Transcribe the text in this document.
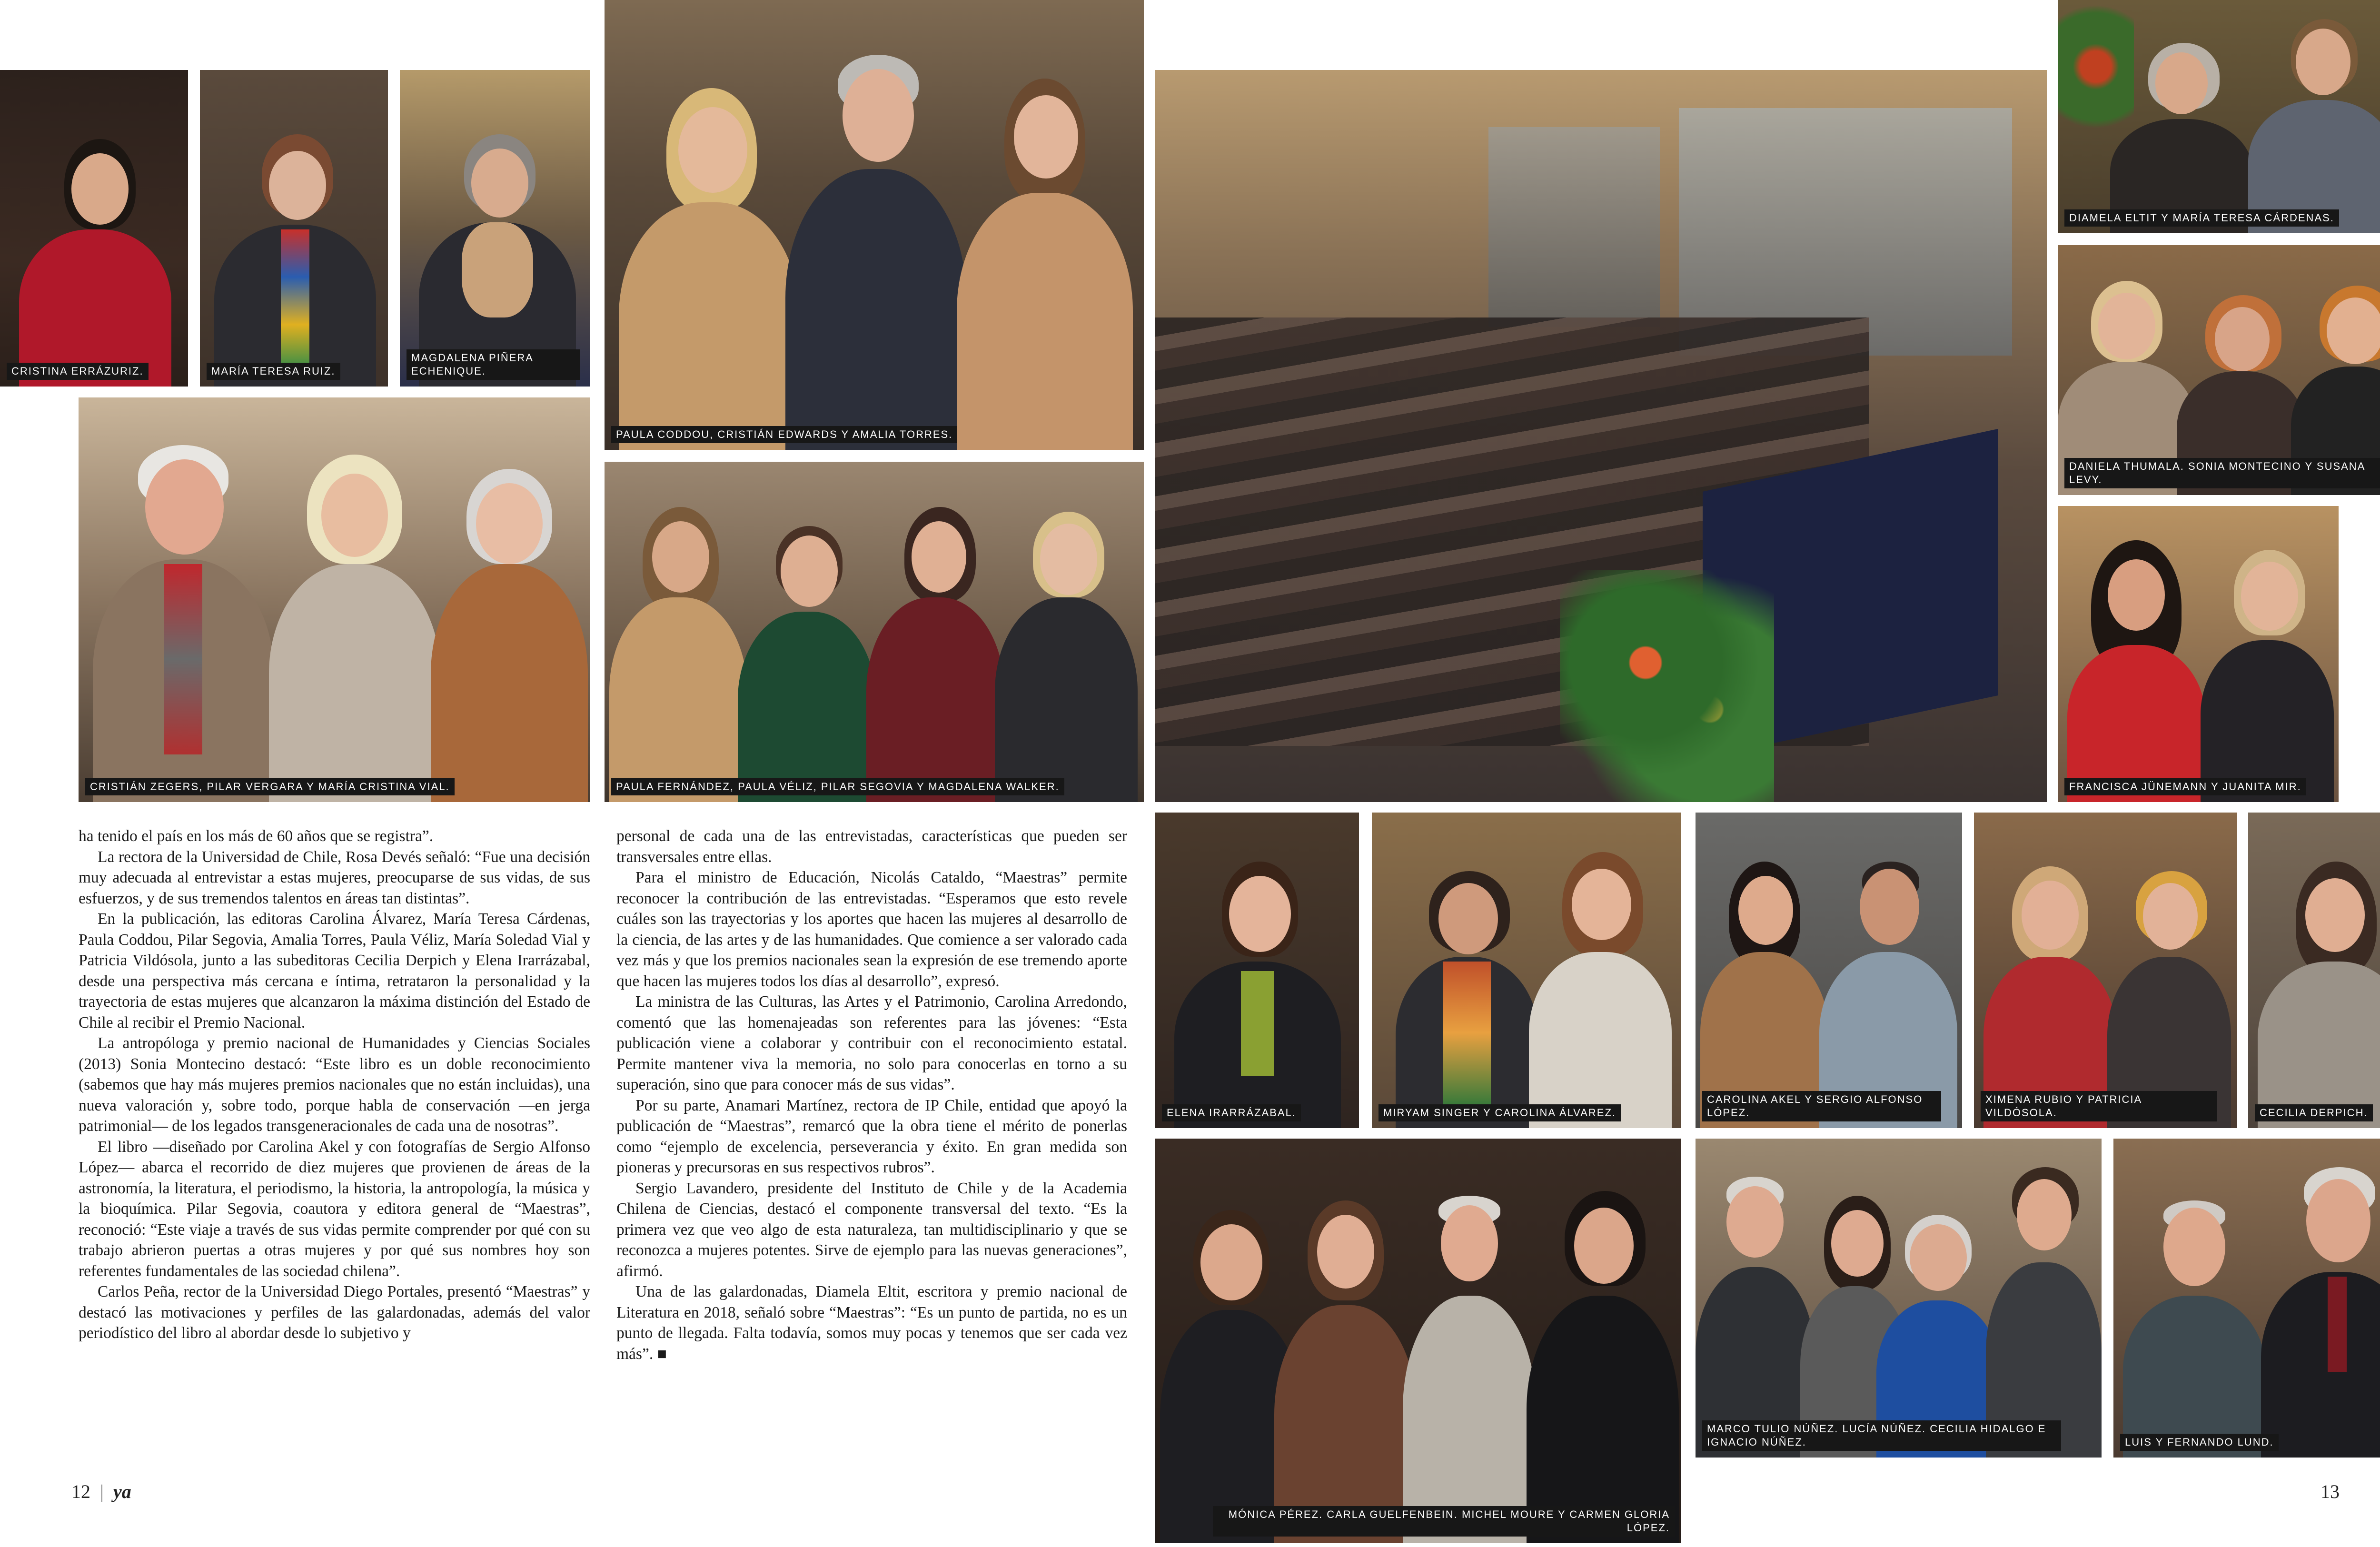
CRISTINA ERRÁZURIZ.	MARÍA TERESA RUIZ.
MAGDALENA PIÑERA ECHENIQUE.
PAULA CODDOU, CRISTIÁN EDWARDS Y AMALIA TORRES.
CRISTIÁN ZEGERS, PILAR VERGARA Y MARÍA CRISTINA VIAL.	PAULA FERNÁNDEZ, PAULA VÉLIZ, PILAR SEGOVIA Y MAGDALENA WALKER.

ha tenido el país en los más de 60 años que se registra”.

La rectora de la Universidad de Chile, Rosa Devés señaló: “Fue una decisión muy adecuada al entrevistar a estas mujeres, preocuparse de sus vidas, de sus esfuerzos, y de sus tremendos talentos en áreas tan distintas”.

En la publicación, las editoras Carolina Álvarez, María Teresa Cárdenas, Paula Coddou, Pilar Segovia, Amalia Torres, Paula Véliz, María Soledad Vial y Patricia Vildósola, junto a las subeditoras Cecilia Derpich y Elena Irarrázabal, desde una perspectiva más cercana e íntima, retrataron la personalidad y la trayectoria de estas mujeres que alcanzaron la máxima distinción del Estado de Chile al recibir el Premio Nacional.

La antropóloga y premio nacional de Humanidades y Ciencias Sociales (2013) Sonia Montecino destacó: “Este libro es un doble reconocimiento (sabemos que hay más mujeres premios nacionales que no están incluidas), una nueva valoración y, sobre todo, porque habla de conservación —en jerga patrimonial— de los legados transgeneracionales de cada una de nosotras”.

El libro —diseñado por Carolina Akel y con fotografías de Sergio Alfonso López— abarca el recorrido de diez mujeres que provienen de áreas de la astronomía, la literatura, el periodismo, la historia, la antropología, la música y la bioquímica. Pilar Segovia, coautora y editora general de “Maestras”, reconoció: “Este viaje a través de sus vidas permite comprender por qué con su trabajo abrieron puertas a otras mujeres y por qué sus nombres hoy son referentes fundamentales de las sociedad chilena”.

Carlos Peña, rector de la Universidad Diego Portales, presentó “Maestras” y destacó las motivaciones y perfiles de las galardonadas, además del valor periodístico del libro al abordar desde lo subjetivo y

personal de cada una de las entrevistadas, características que pueden ser transversales entre ellas.

Para el ministro de Educación, Nicolás Cataldo, “Maestras” permite reconocer la contribución de las entrevistadas. “Esperamos que esto revele cuáles son las trayectorias y los aportes que hacen las mujeres al desarrollo de la ciencia, de las artes y de las humanidades. Que comience a ser valorado cada vez más y que los premios nacionales sean la expresión de ese tremendo aporte que hacen las mujeres todos los días al desarrollo”, expresó.

La ministra de las Culturas, las Artes y el Patrimonio, Carolina Arredondo, comentó que las homenajeadas son referentes para las jóvenes: “Esta publicación viene a colaborar y contribuir con el reconocimiento estatal. Permite mantener viva la memoria, no solo para conocerlas en torno a su superación, sino que para conocer más de sus vidas”.

Por su parte, Anamari Martínez, rectora de IP Chile, entidad que apoyó la publicación de “Maestras”, remarcó que la obra tiene el mérito de ponerlas como “ejemplo de excelencia, perseverancia y éxito. En gran medida son pioneras y precursoras en sus respectivos rubros”.

Sergio Lavandero, presidente del Instituto de Chile y de la Academia Chilena de Ciencias, destacó el componente transversal del texto. “Es la primera vez que veo algo de esta naturaleza, tan multidisciplinario y que se reconozca a mujeres potentes. Sirve de ejemplo para las nuevas generaciones”, afirmó.

Una de las galardonadas, Diamela Eltit, escritora y premio nacional de Literatura en 2018, señaló sobre “Maestras”: “Es un punto de partida, no es un punto de llegada. Falta todavía, somos muy pocas y tenemos que ser cada vez más”. ■

12 | ya
DIAMELA ELTIT Y MARÍA TERESA CÁRDENAS.
DANIELA THUMALA. SONIA MONTECINO Y SUSANA LEVY.
FRANCISCA JÜNEMANN Y JUANITA MIR.
ELENA IRARRÁZABAL.	MIRYAM SINGER Y CAROLINA ÁLVAREZ.
CAROLINA AKEL Y SERGIO ALFONSO LÓPEZ.
XIMENA RUBIO Y PATRICIA VILDÓSOLA.	CECILIA DERPICH.
MÓNICA PÉREZ. CARLA GUELFENBEIN. MICHEL MOURE Y CARMEN GLORIA LÓPEZ.
MARCO TULIO NÚÑEZ. LUCÍA NÚÑEZ. CECILIA HIDALGO E IGNACIO NÚÑEZ.	LUIS Y FERNANDO LUND.
13
